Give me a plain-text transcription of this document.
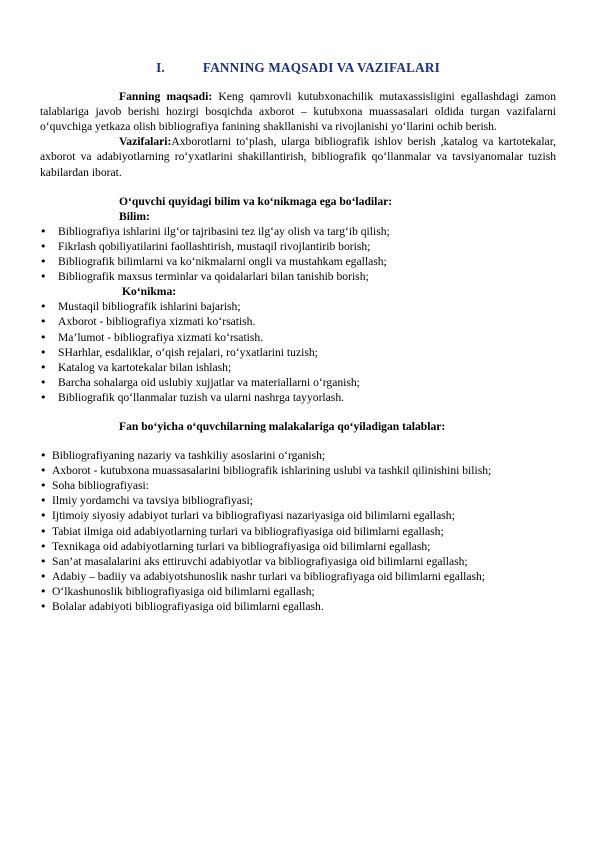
I.	FANNING MAQSADI VA VAZIFALARI

Fanning maqsadi: Keng qamrovli kutubxonachilik mutaxassisligini egallashdagi zamon talablariga javob berishi hozirgi bosqichda axborot – kutubxona muassasalari oldida turgan vazifalarni o‘quvchiga yetkaza olish bibliografiya fanining shakllanishi va rivojlanishi yo‘llarini ochib berish.

Vazifalari:Axborotlarni to‘plash, ularga bibliografik ishlov berish ,katalog va kartotekalar, axborot va adabiyotlarning ro‘yxatlarini shakillantirish, bibliografik qo‘llanmalar va tavsiyanomalar tuzish kabilardan iborat.

O‘quvchi quyidagi bilim va ko‘nikmaga ega bo‘ladilar:

Bilim:

• Bibliografiya ishlarini ilg‘or tajribasini tez ilg‘ay olish va targ‘ib qilish;
• Fikrlash qobiliyatilarini faollashtirish, mustaqil rivojlantirib borish;
• Bibliografik bilimlarni va ko‘nikmalarni ongli va mustahkam egallash;
• Bibliografik maxsus terminlar va qoidalarlari bilan tanishib borish;

Ko‘nikma:

• Mustaqil bibliografik ishlarini bajarish;
• Axborot - bibliografiya xizmati ko‘rsatish.
• Ma’lumot - bibliografiya xizmati ko‘rsatish.
• SHarhlar, esdaliklar, o‘qish rejalari, ro‘yxatlarini tuzish;
• Katalog va kartotekalar bilan ishlash;
• Barcha sohalarga oid uslubiy xujjatlar va materiallarni o‘rganish;
• Bibliografik qo‘llanmalar tuzish va ularni nashrga tayyorlash.

Fan bo‘yicha o‘quvchilarning malakalariga qo‘yiladigan talablar:

• Bibliografiyaning nazariy va tashkiliy asoslarini o‘rganish;
• Axborot - kutubxona muassasalarini bibliografik ishlarining uslubi va tashkil qilinishini bilish;
• Soha bibliografiyasi:
• Ilmiy yordamchi va tavsiya bibliografiyasi;
• Ijtimoiy siyosiy adabiyot turlari va bibliografiyasi nazariyasiga oid bilimlarni egallash;
• Tabiat ilmiga oid adabiyotlarning turlari va bibliografiyasiga oid bilimlarni egallash;
• Texnikaga oid adabiyotlarning turlari va bibliografiyasiga oid bilimlarni egallash;
• San’at masalalarini aks ettiruvchi adabiyotlar va bibliografiyasiga oid bilimlarni egallash;
• Adabiy – badiiy va adabiyotshunoslik nashr turlari va bibliografiyaga oid bilimlarni egallash;
• O‘lkashunoslik bibliografiyasiga oid bilimlarni egallash;
• Bolalar adabiyoti bibliografiyasiga oid bilimlarni egallash.
